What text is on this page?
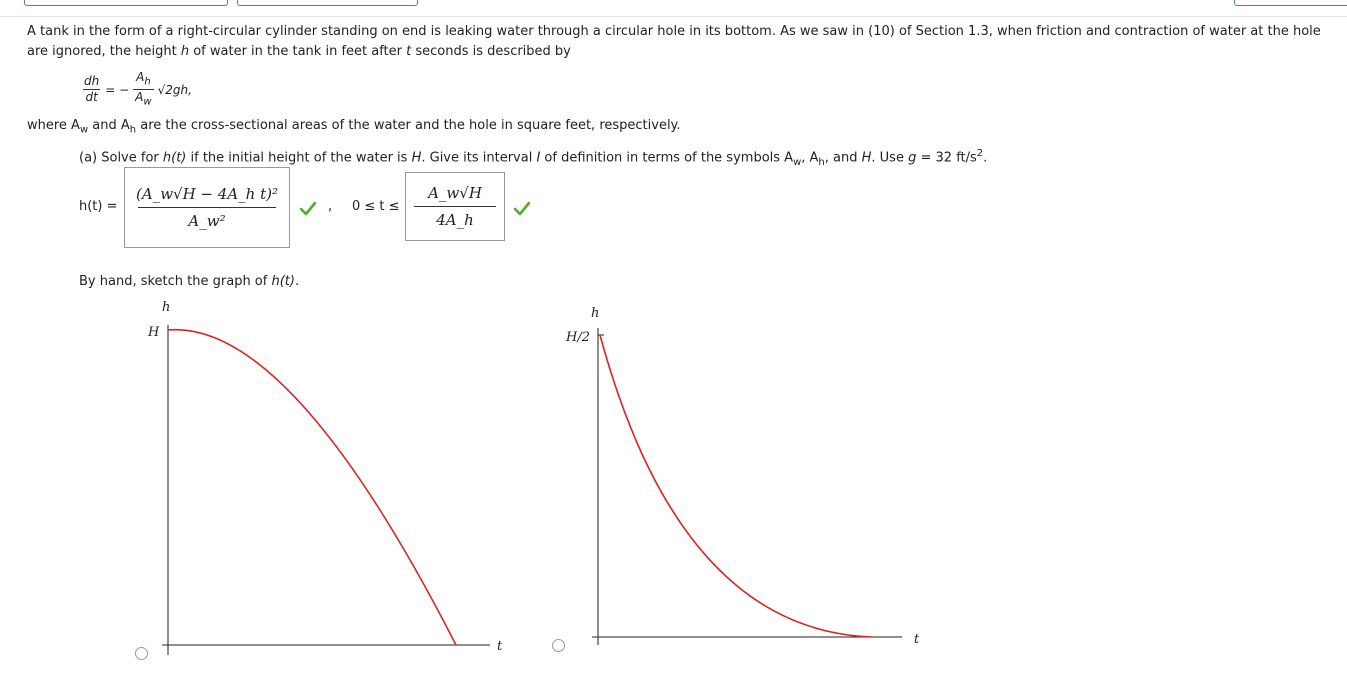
A tank in the form of a right-circular cylinder standing on end is leaking water through a circular hole in its bottom. As we saw in (10) of Section 1.3, when friction and contraction of water at the hole
are ignored, the height h of water in the tank in feet after t seconds is described by
$\frac{dh}{dt}$ = − $\frac{A_h}{A_w} √2gh$,
where $A_w$ and $A_h$ are the cross-sectional areas of the water and the hole in square feet, respectively.
(a) Solve for h(t) if the initial height of the water is H. Give its interval I of definition in terms of the symbols $A_w$, $A_h$, and H. Use g = 32 $ft/s^2$.
h(t) =
(A_w√H − 4A_h t)²
A_w²
, 0 ≤ t ≤
A_w√H
4A_h
By hand, sketch the graph of h(t).
h
H
t
h
H/2
t
